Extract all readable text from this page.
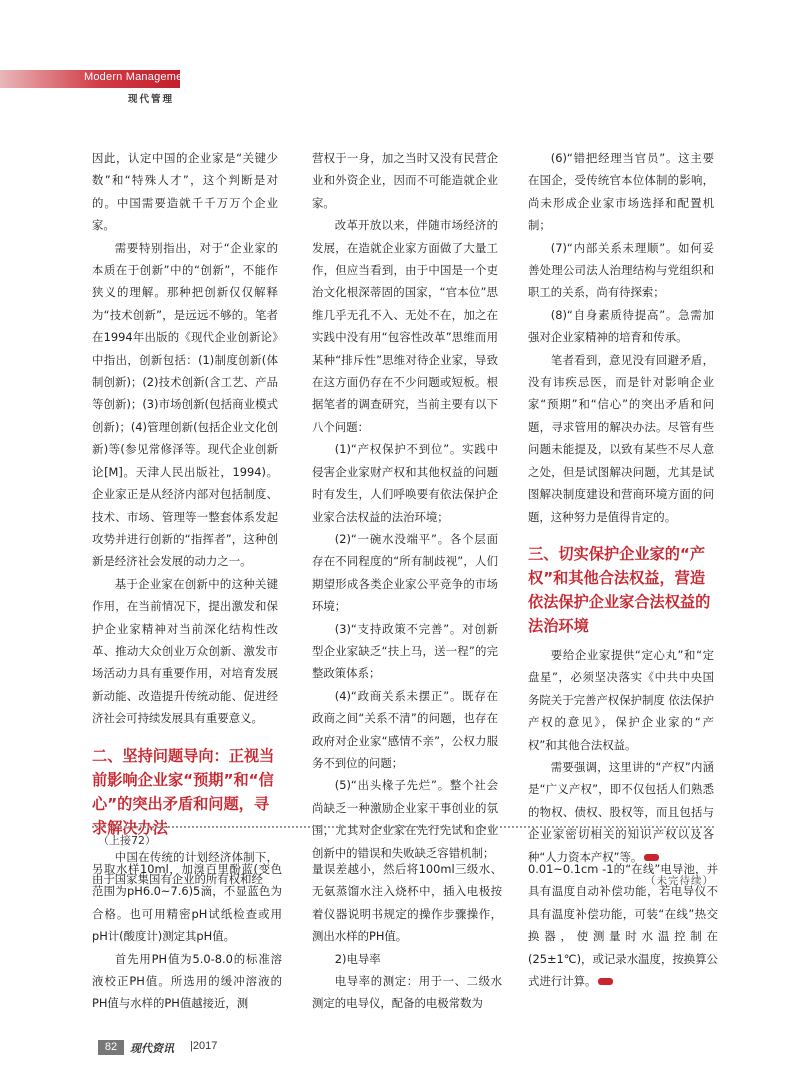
Modern Management
现代管理

因此，认定中国的企业家是“关键少数”和“特殊人才”，这个判断是对的。中国需要造就千千万万个企业家。

需要特别指出，对于“企业家的本质在于创新”中的“创新”，不能作狭义的理解。那种把创新仅仅解释为“技术创新”，是远远不够的。笔者在1994年出版的《现代企业创新论》中指出，创新包括：(1)制度创新(体制创新)；(2)技术创新(含工艺、产品等创新)；(3)市场创新(包括商业模式创新)；(4)管理创新(包括企业文化创新)等(参见常修泽等。现代企业创新论[M]。天津人民出版社，1994)。企业家正是从经济内部对包括制度、技术、市场、管理等一整套体系发起攻势并进行创新的“指挥者”，这种创新是经济社会发展的动力之一。

基于企业家在创新中的这种关键作用，在当前情况下，提出激发和保护企业家精神对当前深化结构性改革、推动大众创业万众创新、激发市场活动力具有重要作用，对培育发展新动能、改造提升传统动能、促进经济社会可持续发展具有重要意义。

二、坚持问题导向：正视当前影响企业家“预期”和“信心”的突出矛盾和问题，寻求解决办法

中国在传统的计划经济体制下，由于国家集国有企业的所有权和经

营权于一身，加之当时又没有民营企业和外资企业，因而不可能造就企业家。

改革开放以来，伴随市场经济的发展，在造就企业家方面做了大量工作，但应当看到，由于中国是一个吏治文化根深蒂固的国家，“官本位”思维几乎无孔不入、无处不在，加之在实践中没有用“包容性改革”思维而用某种“排斥性”思维对待企业家，导致在这方面仍存在不少问题或短板。根据笔者的调查研究，当前主要有以下八个问题：

(1)“产权保护不到位”。实践中侵害企业家财产权和其他权益的问题时有发生，人们呼唤要有依法保护企业家合法权益的法治环境；

(2)“一碗水没端平”。各个层面存在不同程度的“所有制歧视”，人们期望形成各类企业家公平竞争的市场环境；

(3)“支持政策不完善”。对创新型企业家缺乏“扶上马，送一程”的完整政策体系；

(4)“政商关系未摆正”。既存在政商之间“关系不清”的问题，也存在政府对企业家“感情不亲”，公权力服务不到位的问题；

(5)“出头椽子先烂”。整个社会尚缺乏一种激励企业家干事创业的氛围，尤其对企业家在先行先试和企业创新中的错误和失败缺乏容错机制；

(6)“错把经理当官员”。这主要在国企，受传统官本位体制的影响，尚未形成企业家市场选择和配置机制；

(7)“内部关系未理顺”。如何妥善处理公司法人治理结构与党组织和职工的关系，尚有待探索；

(8)“自身素质待提高”。急需加强对企业家精神的培育和传承。

笔者看到，意见没有回避矛盾，没有讳疾忌医，而是针对影响企业家“预期”和“信心”的突出矛盾和问题，寻求管用的解决办法。尽管有些问题未能提及，以致有某些不尽人意之处，但是试图解决问题，尤其是试图解决制度建设和营商环境方面的问题，这种努力是值得肯定的。

三、切实保护企业家的“产权”和其他合法权益，营造依法保护企业家合法权益的法治环境

要给企业家提供“定心丸”和“定盘星”，必须坚决落实《中共中央国务院关于完善产权保护制度 依法保护产权的意见》，保护企业家的“产权”和其他合法权益。

需要强调，这里讲的“产权”内涵是“广义产权”，即不仅包括人们熟悉的物权、债权、股权等，而且包括与企业家密切相关的知识产权以及各种“人力资本产权”等。

（未完待续）

（上接72）

另取水样10ml，加溴百里酚蓝(变色范围为pH6.0~7.6)5滴，不显蓝色为合格。也可用精密pH试纸检查或用pH计(酸度计)测定其pH值。

首先用PH值为5.0-8.0的标准溶液校正PH值。所选用的缓冲溶液的PH值与水样的PH值越接近，测

量误差越小，然后将100ml三级水、无氨蒸馏水注入烧杯中，插入电极按着仪器说明书规定的操作步骤操作，测出水样的PH值。

2)电导率

电导率的测定：用于一、二级水测定的电导仪，配备的电极常数为

0.01~0.1cm -1的“在线”电导池，并具有温度自动补偿功能，若电导仪不具有温度补偿功能，可装“在线”热交换器，使测量时水温控制在(25±1℃)，或记录水温度，按换算公式进行计算。

82	现代资讯 |2017
